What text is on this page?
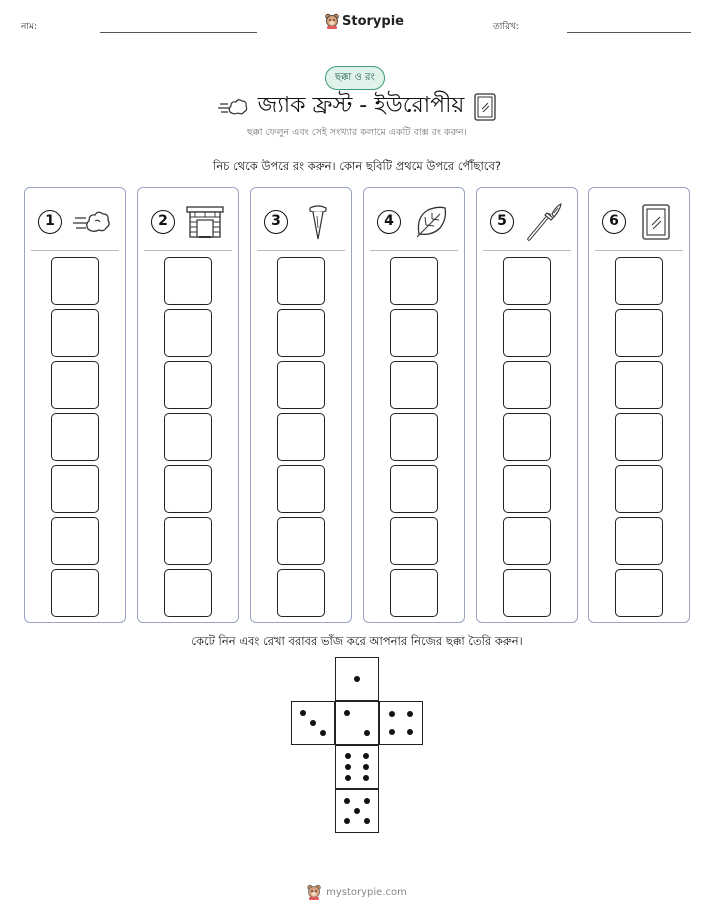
নাম:	Storypie	তারিখ:
ছক্কা ও রং
জ্যাক ফ্রস্ট - ইউরোপীয়
ছক্কা ফেলুন এবং সেই সংখ্যার কলামে একটি বাক্স রং করুন।
নিচ থেকে উপরে রং করুন। কোন ছবিটি প্রথমে উপরে পৌঁছাবে?
1	2	3	4	5	6
কেটে নিন এবং রেখা বরাবর ভাঁজ করে আপনার নিজের ছক্কা তৈরি করুন।
mystorypie.com
